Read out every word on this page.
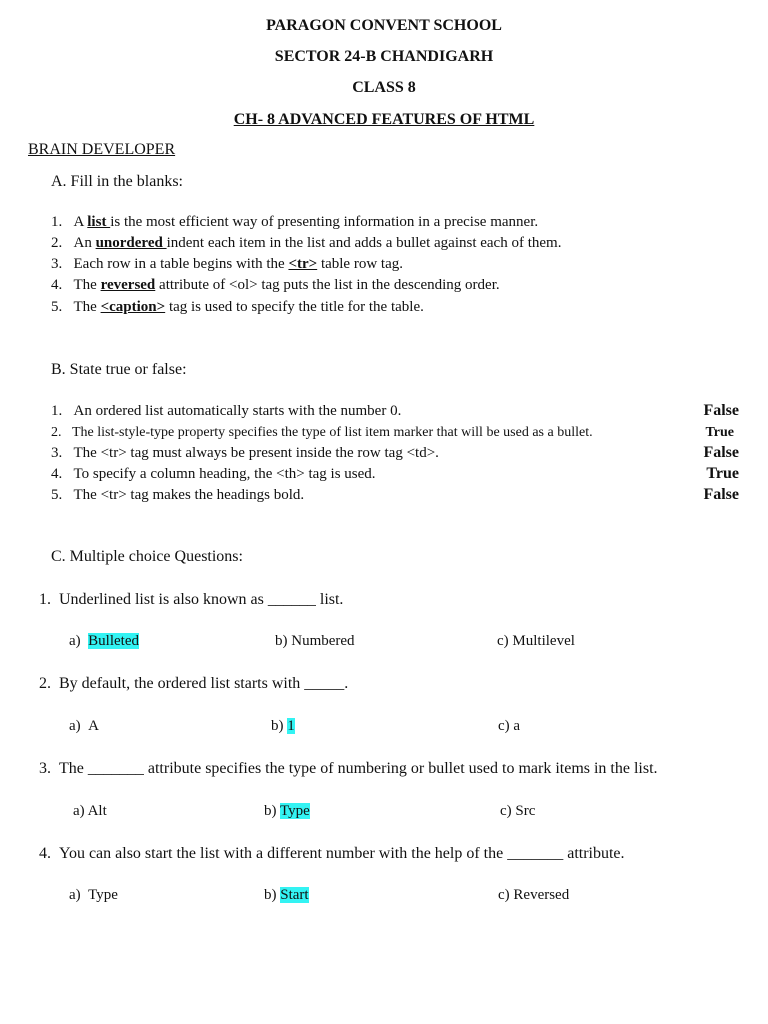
PARAGON CONVENT SCHOOL
SECTOR 24-B CHANDIGARH
CLASS 8
CH- 8 ADVANCED FEATURES OF HTML
BRAIN DEVELOPER
A. Fill in the blanks:
1. A list is the most efficient way of presenting information in a precise manner.
2. An unordered indent each item in the list and adds a bullet against each of them.
3. Each row in a table begins with the <tr> table row tag.
4. The reversed attribute of <ol> tag puts the list in the descending order.
5. The <caption> tag is used to specify the title for the table.
B. State true or false:
1. An ordered list automatically starts with the number 0.	False
2. The list-style-type property specifies the type of list item marker that will be used as a bullet.	True
3. The <tr> tag must always be present inside the row tag <td>.	False
4. To specify a column heading, the <th> tag is used.	True
5. The <tr> tag makes the headings bold.	False
C. Multiple choice Questions:
1. Underlined list is also known as ______ list.
a)  Bulleted	b) Numbered	c) Multilevel
2. By default, the ordered list starts with _____.
a)  A	b) 1	c) a
3. The _______ attribute specifies the type of numbering or bullet used to mark items in the list.
a) Alt	b) Type	c) Src
4. You can also start the list with a different number with the help of the _______ attribute.
a)  Type	b) Start	c) Reversed
